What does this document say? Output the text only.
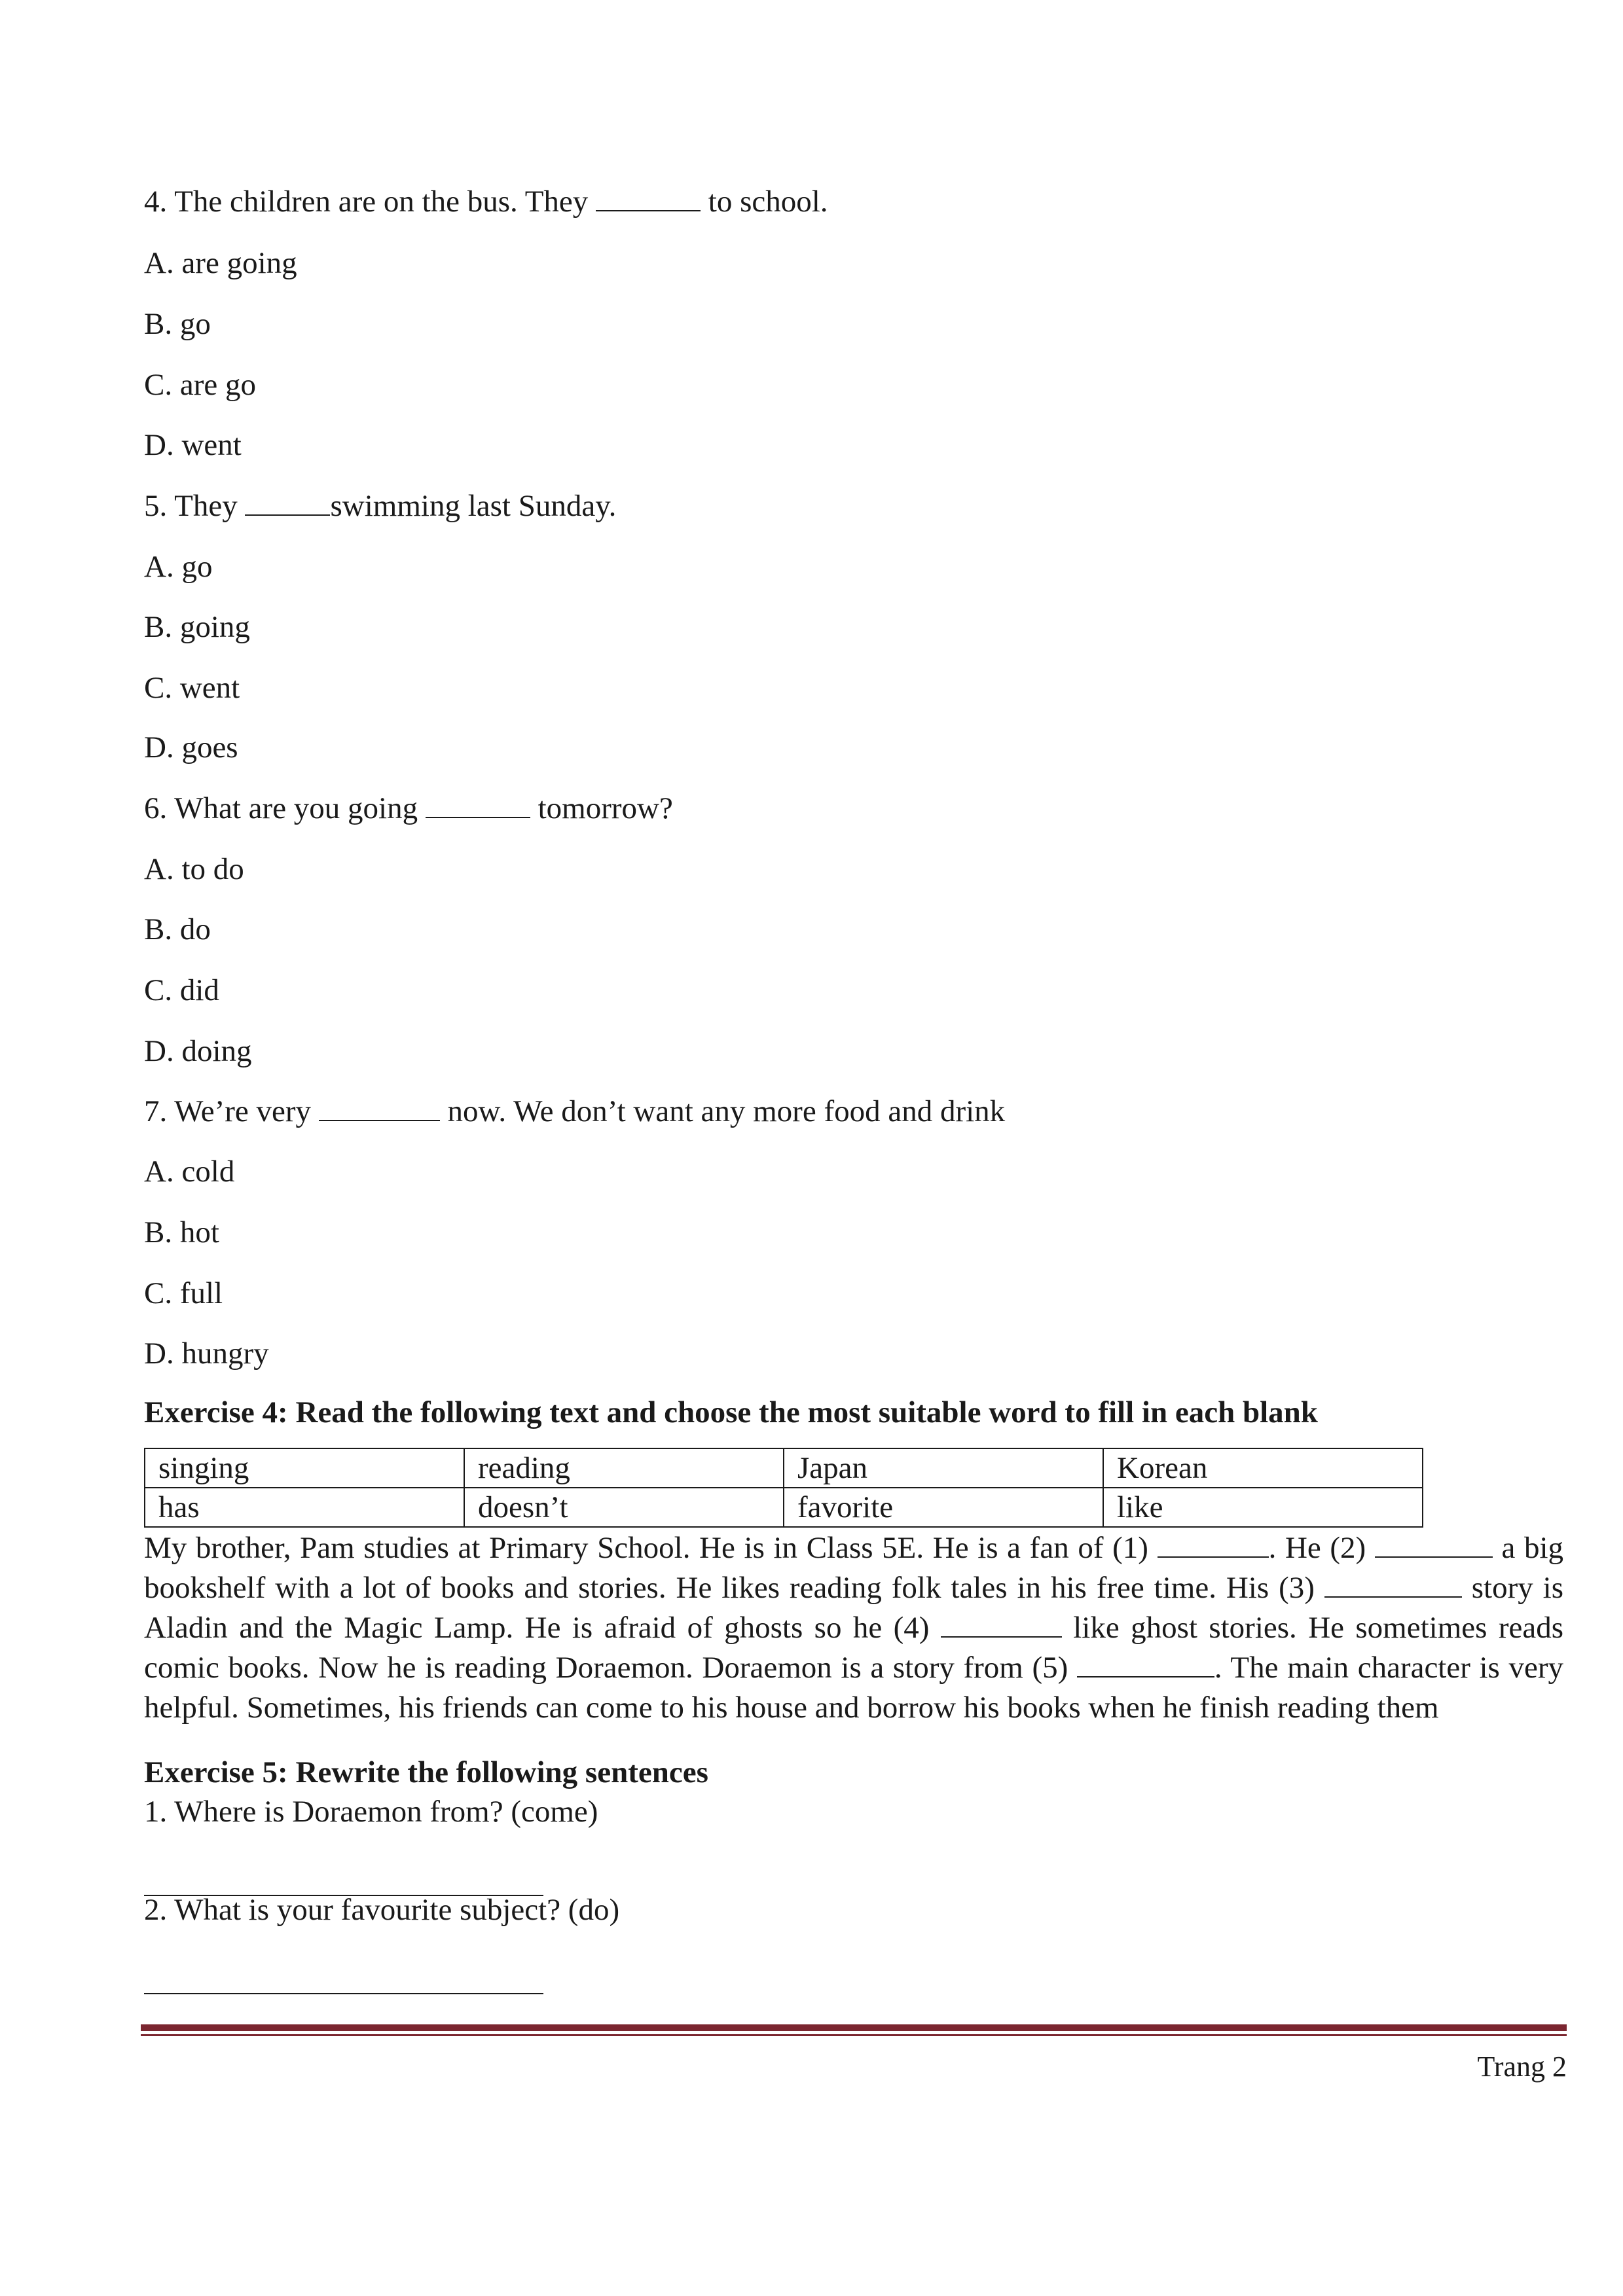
4. The children are on the bus. They	to school.
A. are going
B. go
C. are go
D. went
5. They	swimming last Sunday.
A. go
B. going
C. went
D. goes
6. What are you going	tomorrow?
A. to do
B. do
C. did
D. doing
7. We’re very	now. We don’t want any more food and drink
A. cold
B. hot
C. full
D. hungry
Exercise 4: Read the following text and choose the most suitable word to fill in each blank
singing	reading	Japan	Korean
has	doesn’t	favorite	like
My brother, Pam studies at Primary School. He is in Class 5E. He is a fan of (1)	. He (2)	a big bookshelf with a lot of books and stories. He likes reading folk tales in his free time. His (3)	story is Aladin and the Magic Lamp. He is afraid of ghosts so he (4)	like ghost stories. He sometimes reads comic books. Now he is reading Doraemon. Doraemon is a story from (5)	. The main character is very helpful. Sometimes, his friends can come to his house and borrow his books when he finish reading them
Exercise 5: Rewrite the following sentences
1. Where is Doraemon from? (come)
2. What is your favourite subject? (do)
Trang 2
